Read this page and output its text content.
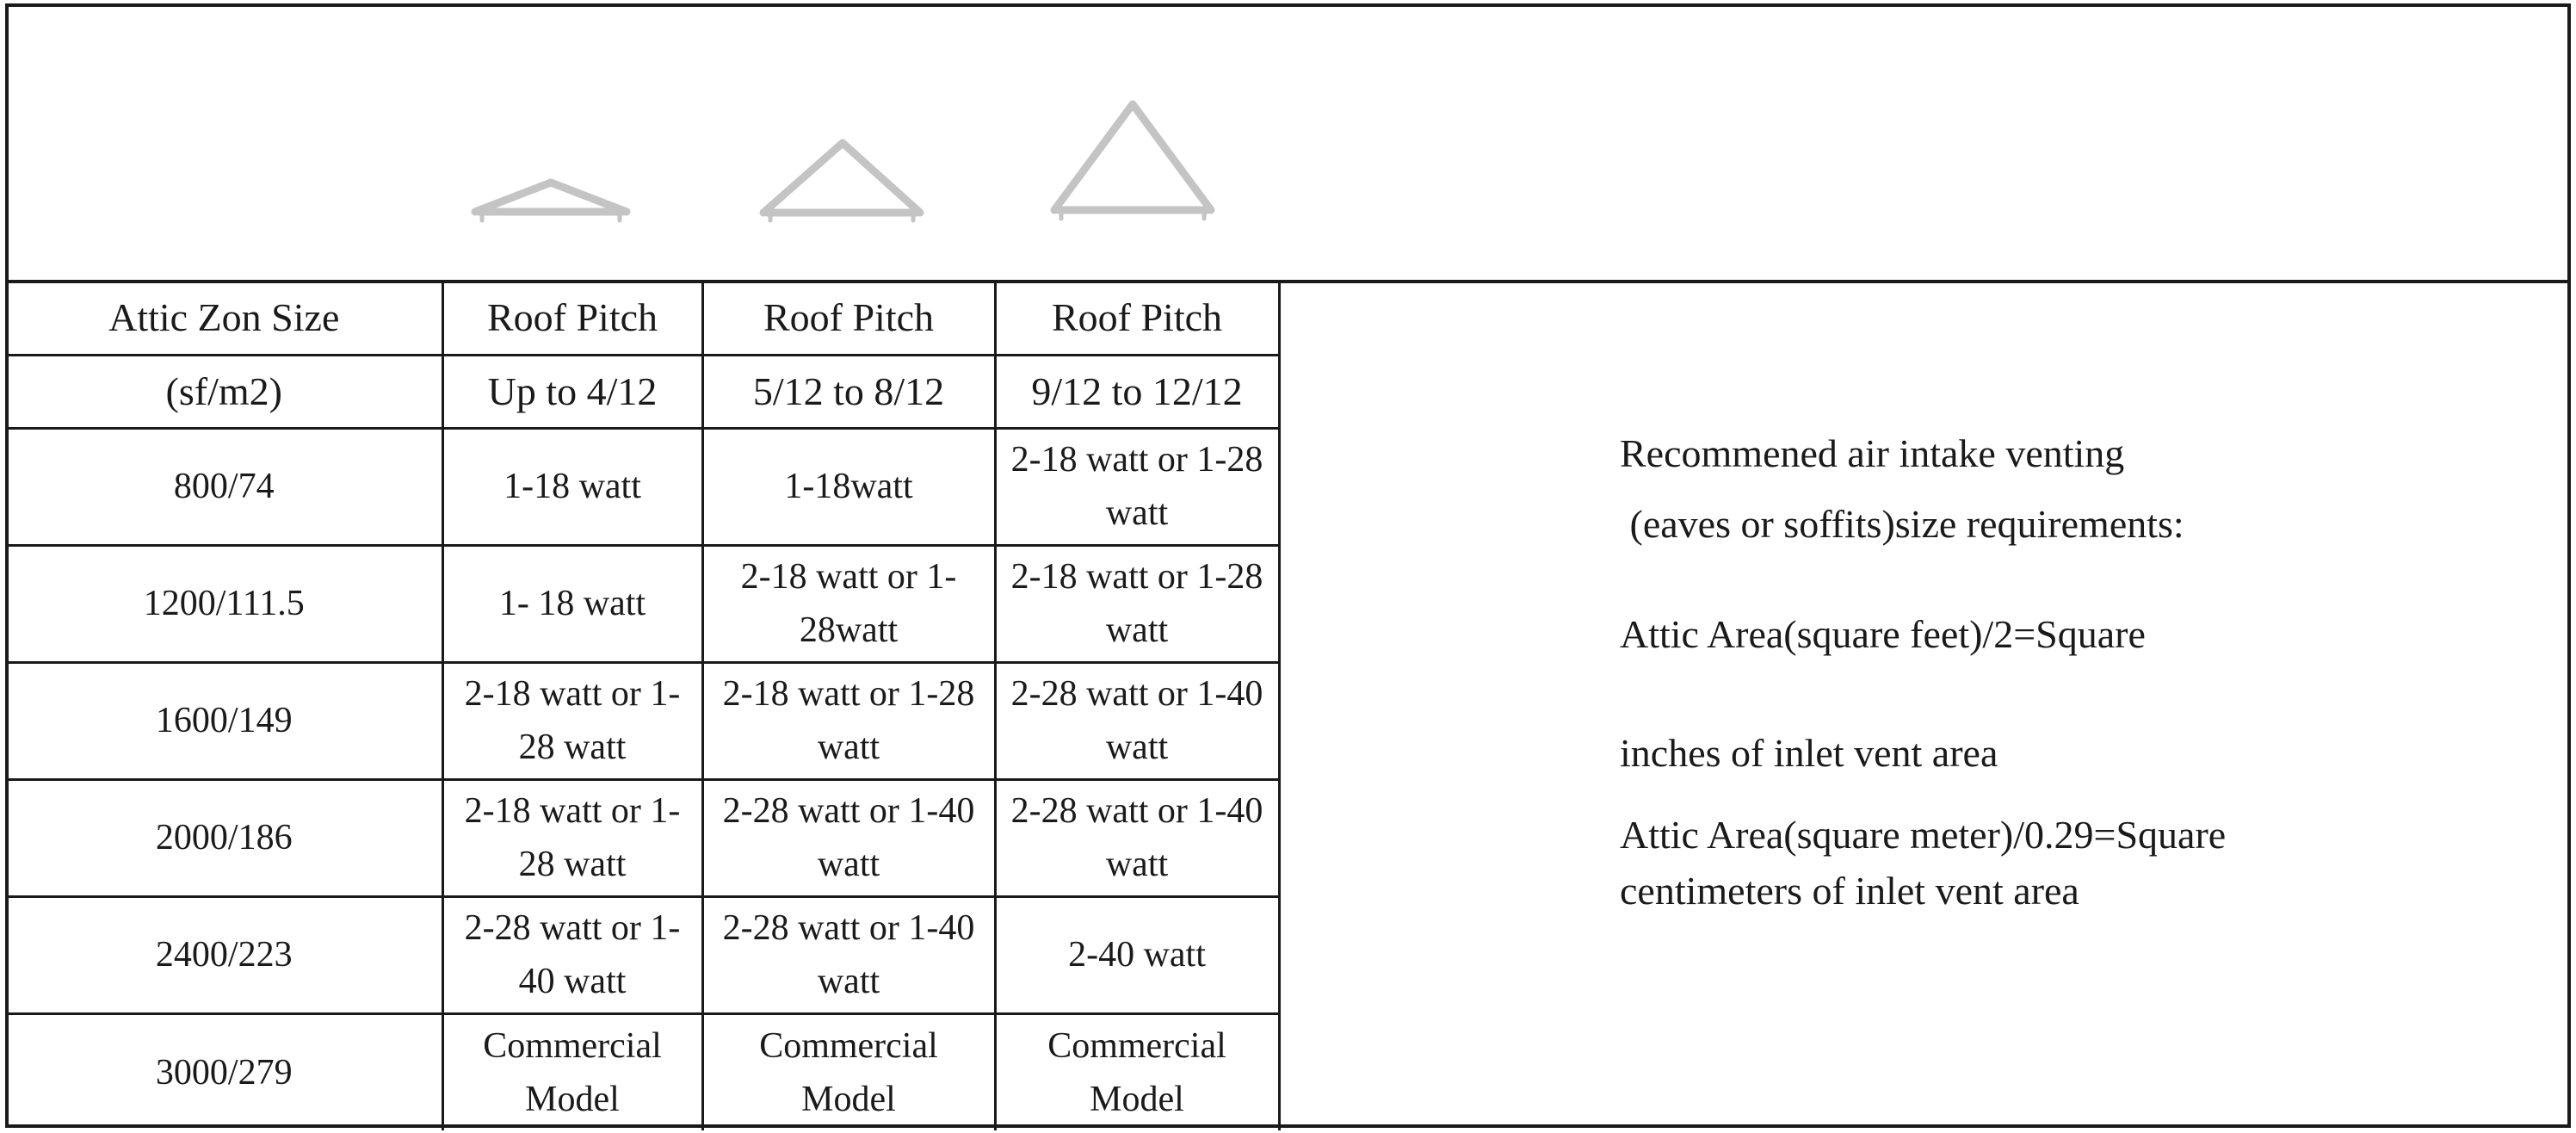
Attic Zon Size	Roof Pitch	Roof Pitch	Roof Pitch
(sf/m2)	Up to 4/12	5/12 to 8/12	9/12 to 12/12
800/74	1-18 watt	1-18watt	2-18 watt or 1-28 watt

1200/111.5	1- 18 watt	2-18 watt or 1-28watt	2-18 watt or 1-28 watt

1600/149	2-18 watt or 1- 28 watt	2-18 watt or 1-28 watt	2-28 watt or 1-40 watt

2000/186	2-18 watt or 1- 28 watt	2-28 watt or 1-40 watt	2-28 watt or 1-40 watt

2400/223	2-28 watt or 1-40 watt	2-28 watt or 1-40 watt	2-40 watt

3000/279	Commercial Model	Commercial Model	Commercial Model
Recommened air intake venting
(eaves or soffits)size requirements:
Attic Area(square feet)/2=Square
inches of inlet vent area
Attic Area(square meter)/0.29=Square
centimeters of inlet vent area
